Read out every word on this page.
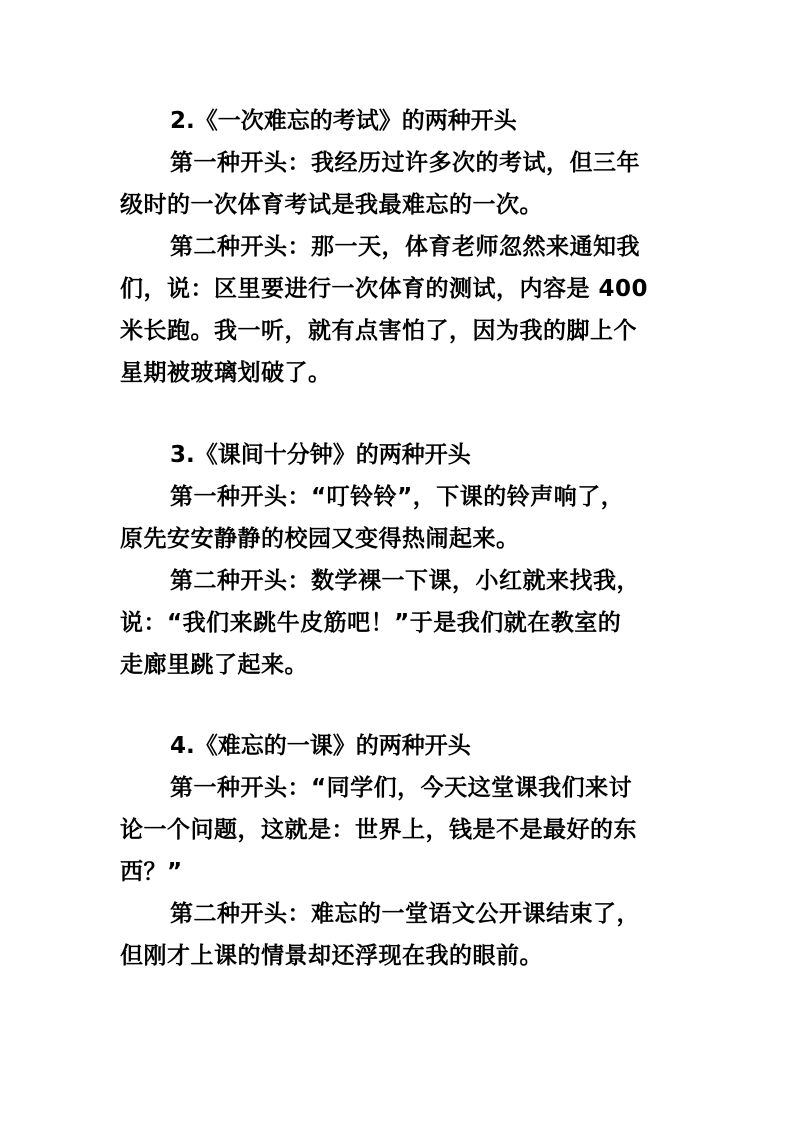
2.《一次难忘的考试》的两种开头
第一种开头：我经历过许多次的考试，但三年
级时的一次体育考试是我最难忘的一次。
第二种开头：那一天，体育老师忽然来通知我
们，说：区里要进行一次体育的测试，内容是 400
米长跑。我一听，就有点害怕了，因为我的脚上个
星期被玻璃划破了。
3.《课间十分钟》的两种开头
第一种开头：“叮铃铃”，下课的铃声响了，
原先安安静静的校园又变得热闹起来。
第二种开头：数学裸一下课，小红就来找我，
说：“我们来跳牛皮筋吧！”于是我们就在教室的
走廊里跳了起来。
4.《难忘的一课》的两种开头
第一种开头：“同学们，今天这堂课我们来讨
论一个问题，这就是：世界上，钱是不是最好的东
西？”
第二种开头：难忘的一堂语文公开课结束了，
但刚才上课的情景却还浮现在我的眼前。
